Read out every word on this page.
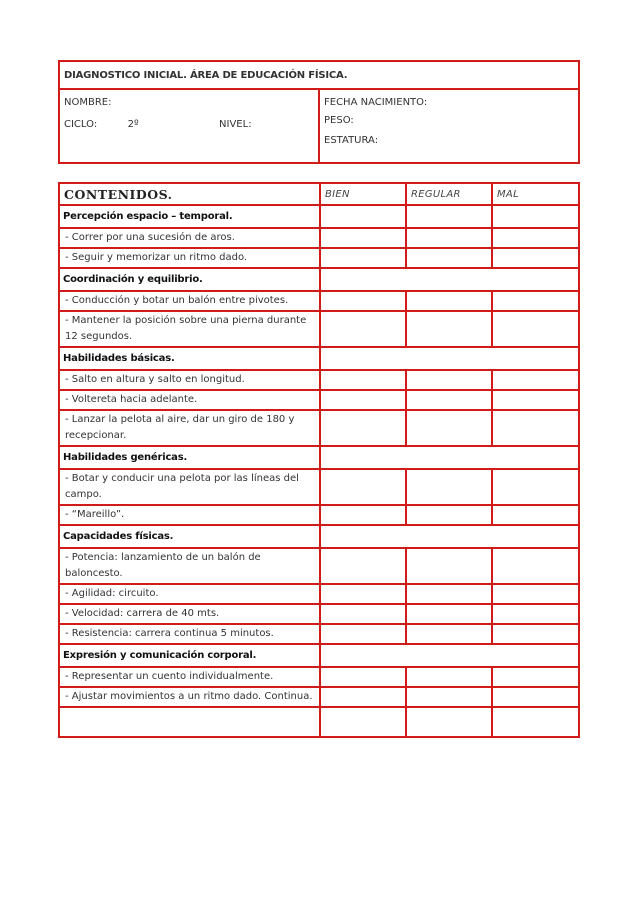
DIAGNOSTICO INICIAL. ÁREA DE EDUCACIÓN FÍSICA.

NOMBRE:
CICLO:	2º	NIVEL:

FECHA NACIMIENTO:
PESO:
ESTATURA:
CONTENIDOS.	BIEN	REGULAR	MAL
Percepción espacio – temporal.			
- Correr por una sucesión de aros.			
- Seguir y memorizar un ritmo dado.			
Coordinación y equilibrio.			
- Conducción y botar un balón entre pivotes.			
- Mantener la posición sobre una pierna durante 12 segundos.			
Habilidades básicas.			
- Salto en altura y salto en longitud.			
- Voltereta hacia adelante.			
- Lanzar la pelota al aire, dar un giro de 180 y recepcionar.			
Habilidades genéricas.			
- Botar y conducir una pelota por las líneas del campo.			
- “Mareillo”.			
Capacidades físicas.			
- Potencia: lanzamiento de un balón de baloncesto.			
- Agilidad: circuito.			
- Velocidad: carrera de 40 mts.			
- Resistencia: carrera continua 5 minutos.			
Expresión y comunicación corporal.			
- Representar un cuento individualmente.			
- Ajustar movimientos a un ritmo dado. Continua.			
